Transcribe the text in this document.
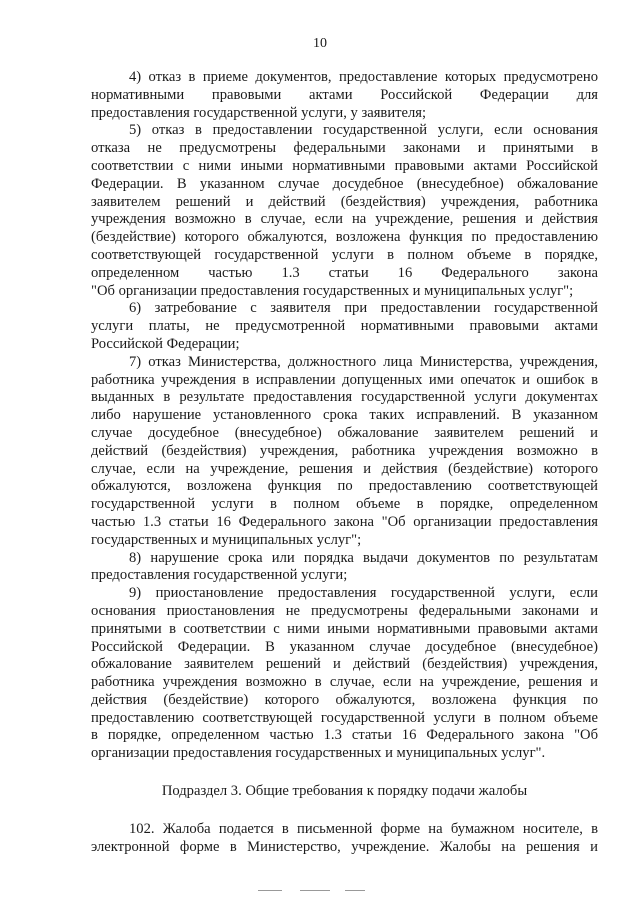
10
4) отказ в приеме документов, предоставление которых предусмотрено
нормативными правовыми актами Российской Федерации для
предоставления государственной услуги, у заявителя;
5) отказ в предоставлении государственной услуги, если основания
отказа не предусмотрены федеральными законами и принятыми в
соответствии с ними иными нормативными правовыми актами Российской
Федерации. В указанном случае досудебное (внесудебное) обжалование
заявителем решений и действий (бездействия) учреждения, работника
учреждения возможно в случае, если на учреждение, решения и действия
(бездействие) которого обжалуются, возложена функция по предоставлению
соответствующей государственной услуги в полном объеме в порядке,
определенном частью 1.3 статьи 16 Федерального закона
"Об организации предоставления государственных и муниципальных услуг";
6) затребование с заявителя при предоставлении государственной
услуги платы, не предусмотренной нормативными правовыми актами
Российской Федерации;
7) отказ Министерства, должностного лица Министерства, учреждения,
работника учреждения в исправлении допущенных ими опечаток и ошибок в
выданных в результате предоставления государственной услуги документах
либо нарушение установленного срока таких исправлений. В указанном
случае досудебное (внесудебное) обжалование заявителем решений и
действий (бездействия) учреждения, работника учреждения возможно в
случае, если на учреждение, решения и действия (бездействие) которого
обжалуются, возложена функция по предоставлению соответствующей
государственной услуги в полном объеме в порядке, определенном
частью 1.3 статьи 16 Федерального закона "Об организации предоставления
государственных и муниципальных услуг";
8) нарушение срока или порядка выдачи документов по результатам
предоставления государственной услуги;
9) приостановление предоставления государственной услуги, если
основания приостановления не предусмотрены федеральными законами и
принятыми в соответствии с ними иными нормативными правовыми актами
Российской Федерации. В указанном случае досудебное (внесудебное)
обжалование заявителем решений и действий (бездействия) учреждения,
работника учреждения возможно в случае, если на учреждение, решения и
действия (бездействие) которого обжалуются, возложена функция по
предоставлению соответствующей государственной услуги в полном объеме
в порядке, определенном частью 1.3 статьи 16 Федерального закона "Об
организации предоставления государственных и муниципальных услуг".
Подраздел 3. Общие требования к порядку подачи жалобы
102. Жалоба подается в письменной форме на бумажном носителе, в
электронной форме в Министерство, учреждение. Жалобы на решения и
